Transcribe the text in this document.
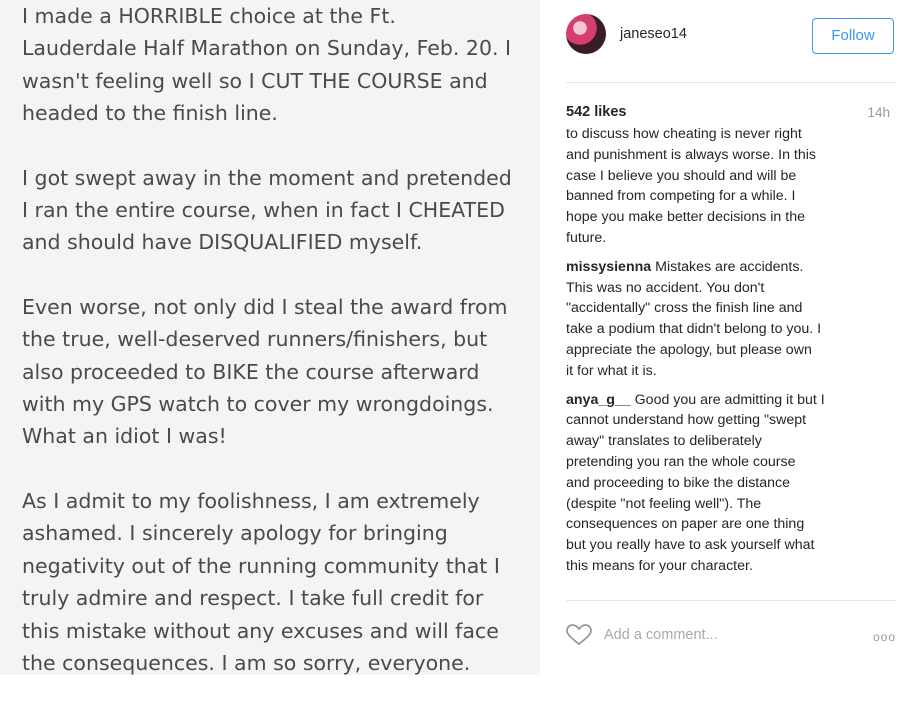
I made a HORRIBLE choice at the Ft.
Lauderdale Half Marathon on Sunday, Feb. 20. I
wasn't feeling well so I CUT THE COURSE and
headed to the finish line.

I got swept away in the moment and pretended
I ran the entire course, when in fact I CHEATED
and should have DISQUALIFIED myself.

Even worse, not only did I steal the award from
the true, well-deserved runners/finishers, but
also proceeded to BIKE the course afterward
with my GPS watch to cover my wrongdoings.
What an idiot I was!

As I admit to my foolishness, I am extremely
ashamed. I sincerely apology for bringing
negativity out of the running community that I
truly admire and respect. I take full credit for
this mistake without any excuses and will face
the consequences. I am so sorry, everyone.

janeseo14	Follow
542 likes	14h
to discuss how cheating is never right
and punishment is always worse. In this
case I believe you should and will be
banned from competing for a while. I
hope you make better decisions in the
future.
missysienna Mistakes are accidents.
This was no accident. You don't
"accidentally" cross the finish line and
take a podium that didn't belong to you. I
appreciate the apology, but please own
it for what it is.
anya_g__ Good you are admitting it but I
cannot understand how getting "swept
away" translates to deliberately
pretending you ran the whole course
and proceeding to bike the distance
(despite "not feeling well"). The
consequences on paper are one thing
but you really have to ask yourself what
this means for your character.
Add a comment...	ooo
